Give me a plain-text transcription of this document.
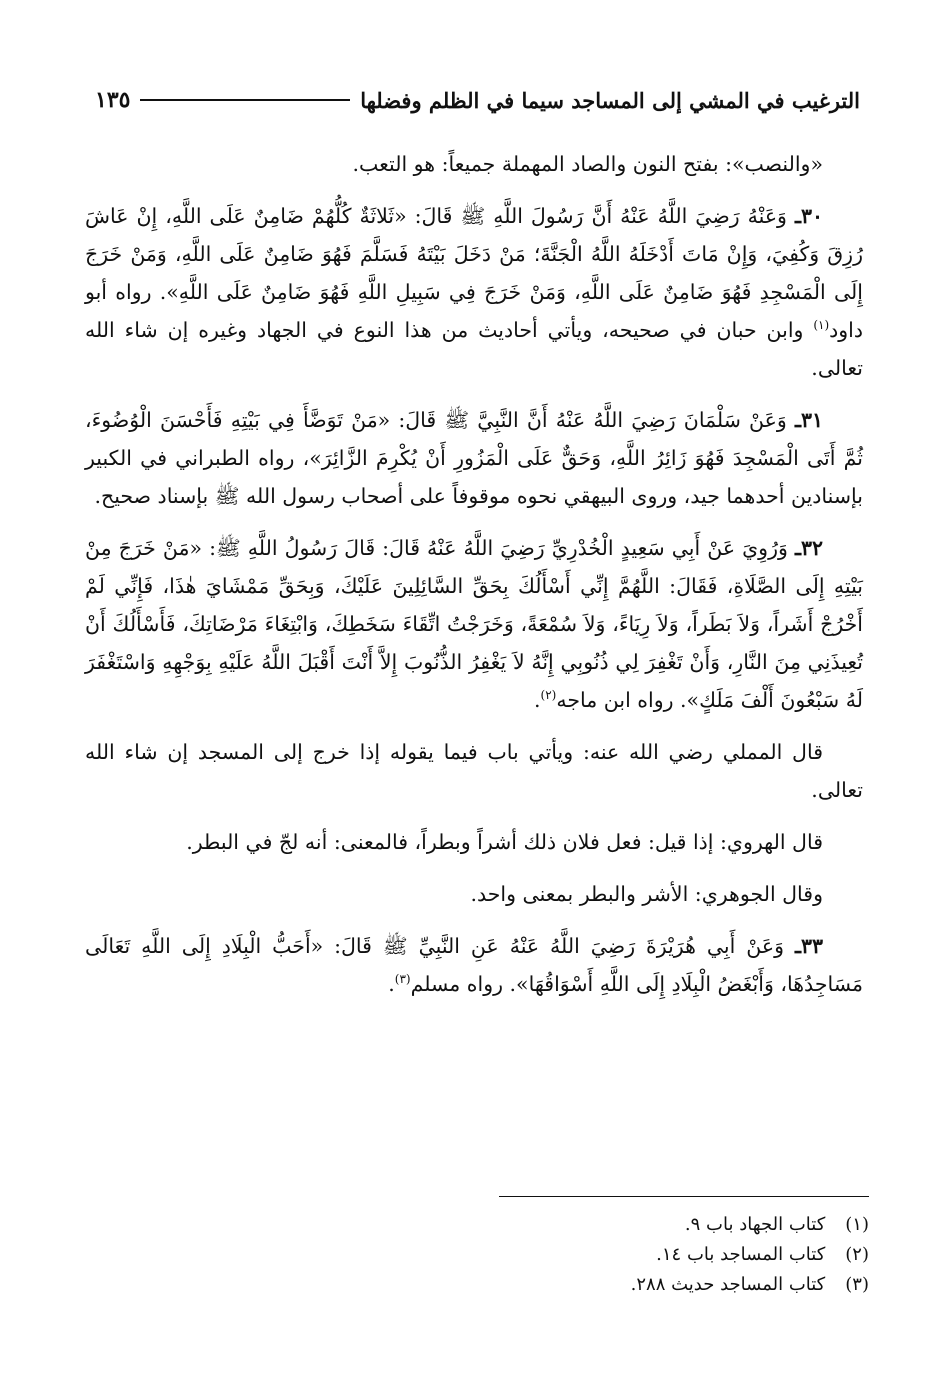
الترغيب في المشي إلى المساجد سيما في الظلم وفضلها
١٣٥

«والنصب»: بفتح النون والصاد المهملة جميعاً: هو التعب.

٣٠ـ وَعَنْهُ رَضِيَ اللَّهُ عَنْهُ أَنَّ رَسُولَ اللَّهِ ﷺ قَالَ: «ثَلاثَةٌ كُلُّهُمْ ضَامِنٌ عَلَى اللَّهِ، إِنْ عَاشَ رُزِقَ وَكُفِيَ، وَإِنْ مَاتَ أَدْخَلَهُ اللَّهُ الْجَنَّةَ؛ مَنْ دَخَلَ بَيْتَهُ فَسَلَّمَ فَهُوَ ضَامِنٌ عَلَى اللَّهِ، وَمَنْ خَرَجَ إِلَى الْمَسْجِدِ فَهُوَ ضَامِنٌ عَلَى اللَّهِ، وَمَنْ خَرَجَ فِي سَبِيلِ اللَّهِ فَهُوَ ضَامِنٌ عَلَى اللَّهِ». رواه أبو داود$^{(١)}$ وابن حبان في صحيحه، ويأتي أحاديث من هذا النوع في الجهاد وغيره إن شاء الله تعالى.

٣١ـ وَعَنْ سَلْمَانَ رَضِيَ اللَّهُ عَنْهُ أَنَّ النَّبِيَّ ﷺ قَالَ: «مَنْ تَوَضَّأَ فِي بَيْتِهِ فَأَحْسَنَ الْوُضُوءَ، ثُمَّ أَتَى الْمَسْجِدَ فَهُوَ زَائِرُ اللَّهِ، وَحَقٌّ عَلَى الْمَزُورِ أَنْ يُكْرِمَ الزَّائِرَ»، رواه الطبراني في الكبير بإسنادين أحدهما جيد، وروى البيهقي نحوه موقوفاً على أصحاب رسول الله ﷺ بإسناد صحيح.

٣٢ـ وَرُوِيَ عَنْ أَبِي سَعِيدٍ الْخُدْرِيِّ رَضِيَ اللَّهُ عَنْهُ قَالَ: قَالَ رَسُولُ اللَّهِ ﷺ: «مَنْ خَرَجَ مِنْ بَيْتِهِ إِلَى الصَّلَاةِ، فَقَالَ: اللَّهُمَّ إِنِّي أَسْأَلُكَ بِحَقِّ السَّائِلِينَ عَلَيْكَ، وَبِحَقِّ مَمْشَايَ هٰذَا، فَإِنِّي لَمْ أَخْرُجْ أَشَراً، وَلاَ بَطَراً، وَلاَ رِيَاءً، وَلاَ سُمْعَةً، وَخَرَجْتُ اتِّقَاءَ سَخَطِكَ، وَابْتِغَاءَ مَرْضَاتِكَ، فَأَسْأَلُكَ أَنْ تُعِيذَنِي مِنَ النَّارِ، وَأَنْ تَغْفِرَ لِي ذُنُوبِي إِنَّهُ لاَ يَغْفِرُ الذُّنُوبَ إِلاَّ أَنْتَ أَقْبَلَ اللَّهُ عَلَيْهِ بِوَجْهِهِ وَاسْتَغْفَرَ لَهُ سَبْعُونَ أَلْفَ مَلَكٍ». رواه ابن ماجه$^{(٢)}$.

قال المملي رضي الله عنه: ويأتي باب فيما يقوله إذا خرج إلى المسجد إن شاء الله تعالى.

قال الهروي: إذا قيل: فعل فلان ذلك أشراً وبطراً، فالمعنى: أنه لجّ في البطر.

وقال الجوهري: الأشر والبطر بمعنى واحد.

٣٣ـ وَعَنْ أَبِي هُرَيْرَةَ رَضِيَ اللَّهُ عَنْهُ عَنِ النَّبِيِّ ﷺ قَالَ: «أَحَبُّ الْبِلَادِ إِلَى اللَّهِ تَعَالَى مَسَاجِدُهَا، وَأَبْغَضُ الْبِلَادِ إِلَى اللَّهِ أَسْوَاقُهَا». رواه مسلم$^{(٣)}$.

(١) كتاب الجهاد باب ٩.
(٢) كتاب المساجد باب ١٤.
(٣) كتاب المساجد حديث ٢٨٨.
